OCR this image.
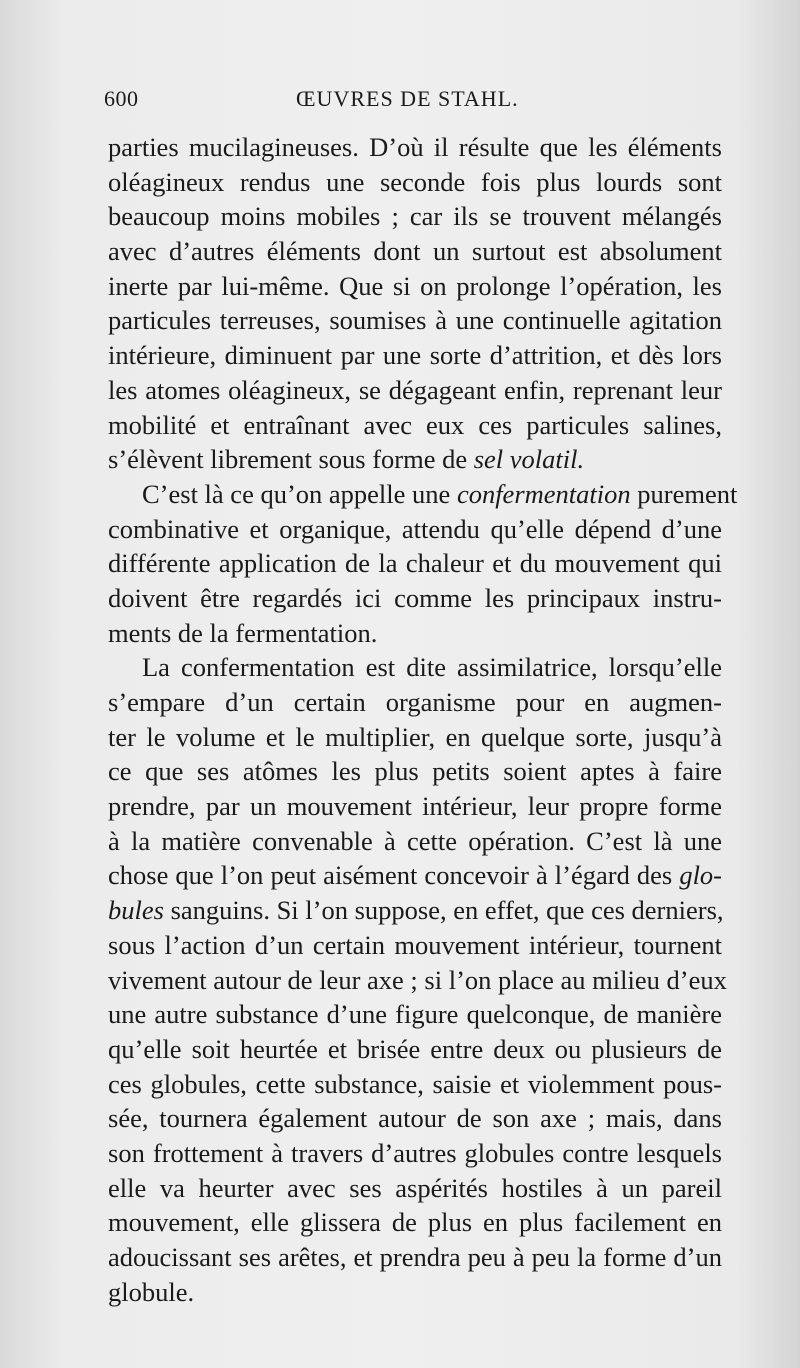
600	ŒUVRES DE STAHL.
parties mucilagineuses. D’où il résulte que les éléments
oléagineux rendus une seconde fois plus lourds sont
beaucoup moins mobiles ; car ils se trouvent mélangés
avec d’autres éléments dont un surtout est absolument
inerte par lui-même. Que si on prolonge l’opération, les
particules terreuses, soumises à une continuelle agitation
intérieure, diminuent par une sorte d’attrition, et dès lors
les atomes oléagineux, se dégageant enfin, reprenant leur
mobilité et entraînant avec eux ces particules salines,
s’élèvent librement sous forme de sel volatil.
C’est là ce qu’on appelle une confermentation purement
combinative et organique, attendu qu’elle dépend d’une
différente application de la chaleur et du mouvement qui
doivent être regardés ici comme les principaux instru-
ments de la fermentation.
La confermentation est dite assimilatrice, lorsqu’elle
s’empare d’un certain organisme pour en augmen-
ter le volume et le multiplier, en quelque sorte, jusqu’à
ce que ses atômes les plus petits soient aptes à faire
prendre, par un mouvement intérieur, leur propre forme
à la matière convenable à cette opération. C’est là une
chose que l’on peut aisément concevoir à l’égard des glo-
bules sanguins. Si l’on suppose, en effet, que ces derniers,
sous l’action d’un certain mouvement intérieur, tournent
vivement autour de leur axe ; si l’on place au milieu d’eux
une autre substance d’une figure quelconque, de manière
qu’elle soit heurtée et brisée entre deux ou plusieurs de
ces globules, cette substance, saisie et violemment pous-
sée, tournera également autour de son axe ; mais, dans
son frottement à travers d’autres globules contre lesquels
elle va heurter avec ses aspérités hostiles à un pareil
mouvement, elle glissera de plus en plus facilement en
adoucissant ses arêtes, et prendra peu à peu la forme d’un
globule.
